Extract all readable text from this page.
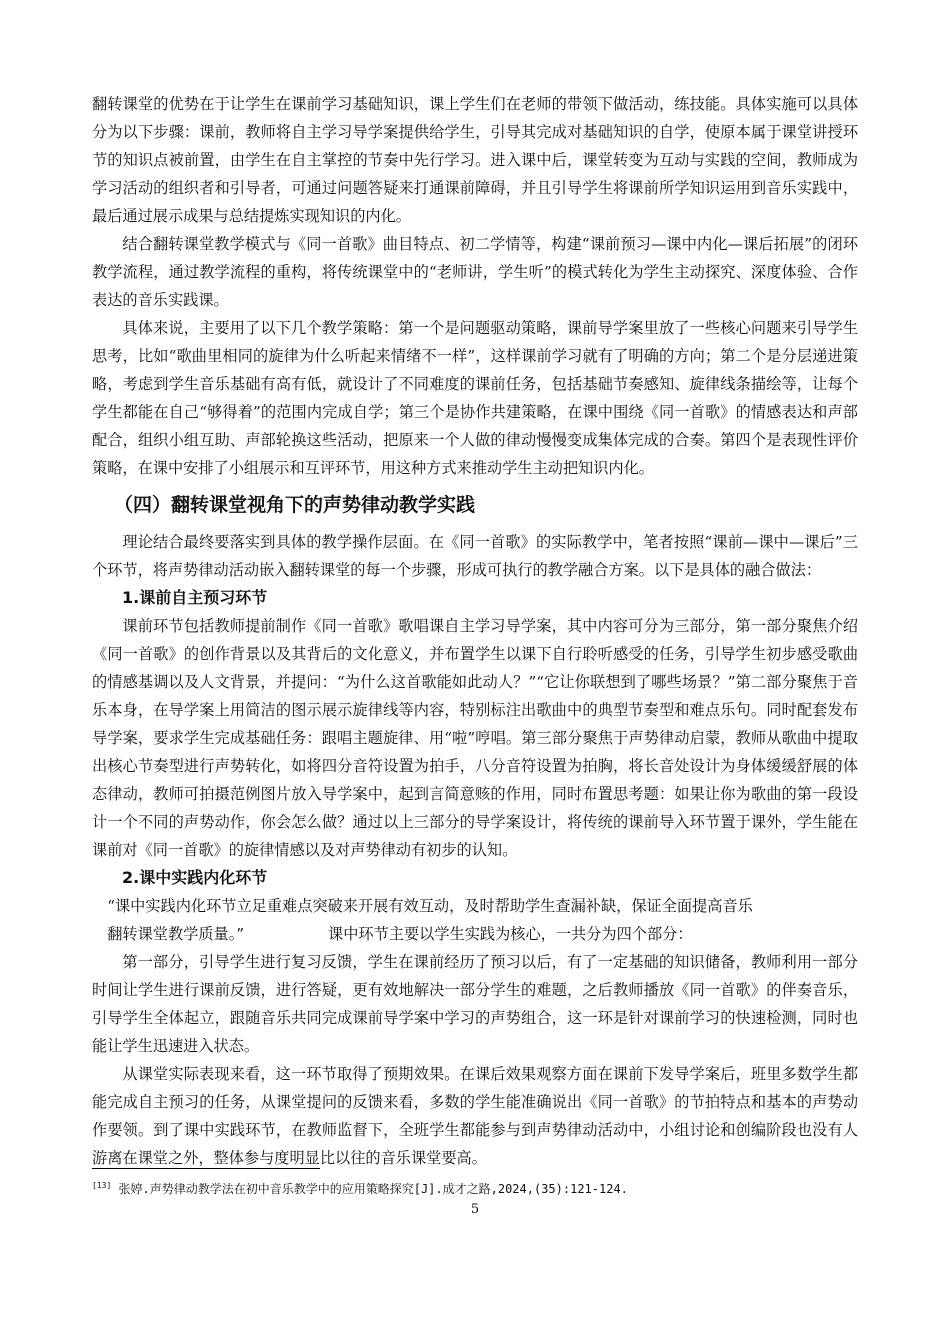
翻转课堂的优势在于让学生在课前学习基础知识，课上学生们在老师的带领下做活动，练技能。具体实施可以具体分为以下步骤：课前，教师将自主学习导学案提供给学生，引导其完成对基础知识的自学，使原本属于课堂讲授环节的知识点被前置，由学生在自主掌控的节奏中先行学习。进入课中后，课堂转变为互动与实践的空间，教师成为学习活动的组织者和引导者，可通过问题答疑来打通课前障碍，并且引导学生将课前所学知识运用到音乐实践中，最后通过展示成果与总结提炼实现知识的内化。

结合翻转课堂教学模式与《同一首歌》曲目特点、初二学情等，构建“课前预习—课中内化—课后拓展”的闭环教学流程，通过教学流程的重构，将传统课堂中的“老师讲，学生听”的模式转化为学生主动探究、深度体验、合作表达的音乐实践课。

具体来说，主要用了以下几个教学策略：第一个是问题驱动策略，课前导学案里放了一些核心问题来引导学生思考，比如“歌曲里相同的旋律为什么听起来情绪不一样”，这样课前学习就有了明确的方向；第二个是分层递进策略，考虑到学生音乐基础有高有低，就设计了不同难度的课前任务，包括基础节奏感知、旋律线条描绘等，让每个学生都能在自己“够得着”的范围内完成自学；第三个是协作共建策略，在课中围绕《同一首歌》的情感表达和声部配合，组织小组互助、声部轮换这些活动，把原来一个人做的律动慢慢变成集体完成的合奏。第四个是表现性评价策略，在课中安排了小组展示和互评环节，用这种方式来推动学生主动把知识内化。

（四）翻转课堂视角下的声势律动教学实践

理论结合最终要落实到具体的教学操作层面。在《同一首歌》的实际教学中，笔者按照“课前—课中—课后”三个环节，将声势律动活动嵌入翻转课堂的每一个步骤，形成可执行的教学融合方案。以下是具体的融合做法：

1.课前自主预习环节

课前环节包括教师提前制作《同一首歌》歌唱课自主学习导学案，其中内容可分为三部分，第一部分聚焦介绍《同一首歌》的创作背景以及其背后的文化意义，并布置学生以课下自行聆听感受的任务，引导学生初步感受歌曲的情感基调以及人文背景，并提问：“为什么这首歌能如此动人？”“它让你联想到了哪些场景？”第二部分聚焦于音乐本身，在导学案上用简洁的图示展示旋律线等内容，特别标注出歌曲中的典型节奏型和难点乐句。同时配套发布导学案，要求学生完成基础任务：跟唱主题旋律、用“啦”哼唱。第三部分聚焦于声势律动启蒙，教师从歌曲中提取出核心节奏型进行声势转化，如将四分音符设置为拍手，八分音符设置为拍胸，将长音处设计为身体缓缓舒展的体态律动，教师可拍摄范例图片放入导学案中，起到言简意赅的作用，同时布置思考题：如果让你为歌曲的第一段设计一个不同的声势动作，你会怎么做？通过以上三部分的导学案设计，将传统的课前导入环节置于课外，学生能在课前对《同一首歌》的旋律情感以及对声势律动有初步的认知。

2.课中实践内化环节

“课中实践内化环节立足重难点突破来开展有效互动，及时帮助学生查漏补缺，保证全面提高音乐
翻转课堂教学质量。”	课中环节主要以学生实践为核心，一共分为四个部分：

第一部分，引导学生进行复习反馈，学生在课前经历了预习以后，有了一定基础的知识储备，教师利用一部分时间让学生进行课前反馈，进行答疑，更有效地解决一部分学生的难题，之后教师播放《同一首歌》的伴奏音乐，引导学生全体起立，跟随音乐共同完成课前导学案中学习的声势组合，这一环是针对课前学习的快速检测，同时也能让学生迅速进入状态。

从课堂实际表现来看，这一环节取得了预期效果。在课后效果观察方面在课前下发导学案后，班里多数学生都能完成自主预习的任务，从课堂提问的反馈来看，多数的学生能准确说出《同一首歌》的节拍特点和基本的声势动作要领。到了课中实践环节，在教师监督下，全班学生都能参与到声势律动活动中，小组讨论和创编阶段也没有人游离在课堂之外，整体参与度明显比以往的音乐课堂要高。

[13] 张婷.声势律动教学法在初中音乐教学中的应用策略探究[J].成才之路,2024,(35):121-124.
5
